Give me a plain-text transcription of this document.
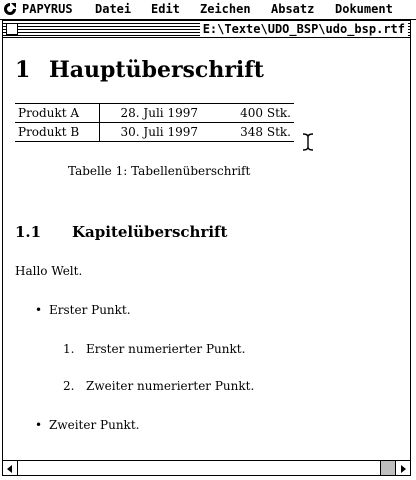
PAPYRUS Datei Edit Zeichen Absatz Dokument
E:\Texte\UDO_BSP\udo_bsp.rtf
1 Hauptüberschrift
Produkt A	28. Juli 1997	400 Stk.
Produkt B	30. Juli 1997	348 Stk.
Tabelle 1: Tabellenüberschrift
1.1 Kapitelüberschrift
Hallo Welt.
• Erster Punkt.
1. Erster numerierter Punkt.
2. Zweiter numerierter Punkt.
• Zweiter Punkt.
